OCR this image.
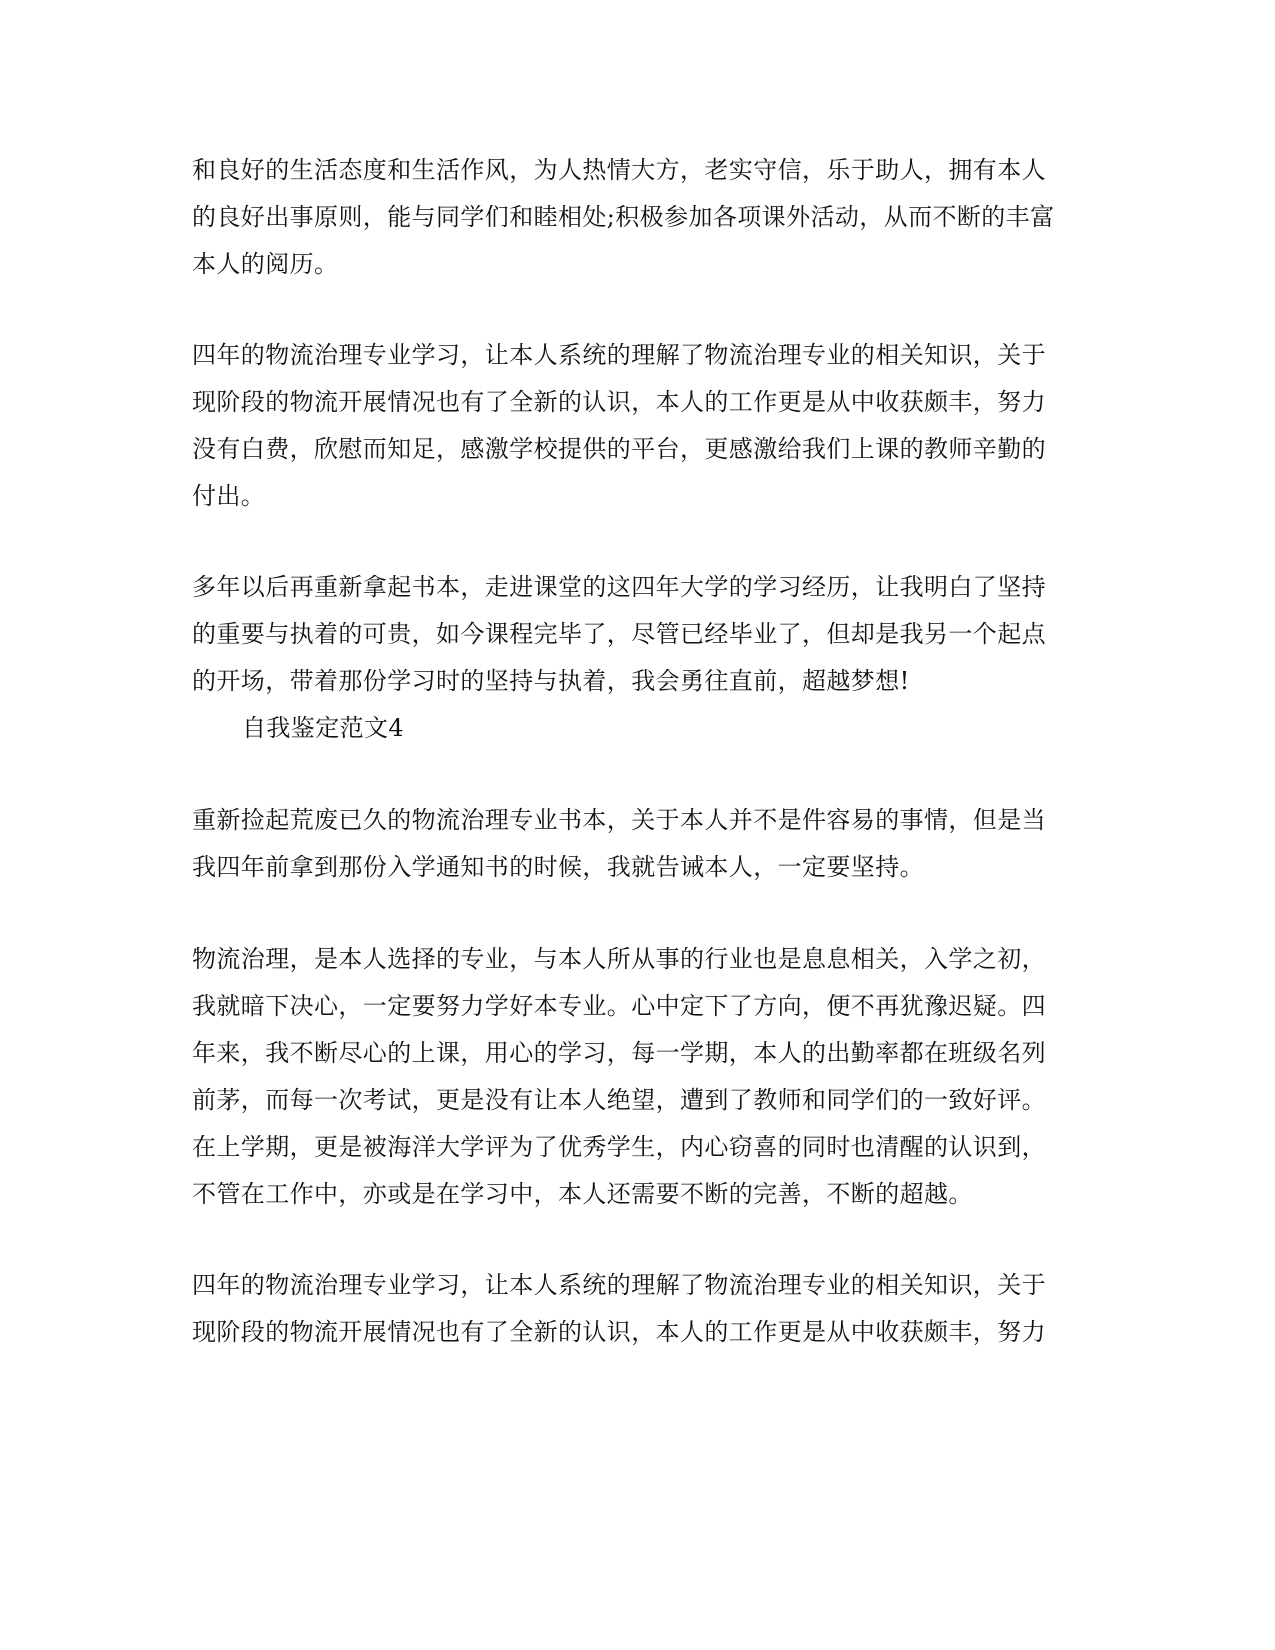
和良好的生活态度和生活作风，为人热情大方，老实守信，乐于助人，拥有本人
的良好出事原则，能与同学们和睦相处;积极参加各项课外活动，从而不断的丰富
本人的阅历。
四年的物流治理专业学习，让本人系统的理解了物流治理专业的相关知识，关于
现阶段的物流开展情况也有了全新的认识，本人的工作更是从中收获颇丰，努力
没有白费，欣慰而知足，感激学校提供的平台，更感激给我们上课的教师辛勤的
付出。
多年以后再重新拿起书本，走进课堂的这四年大学的学习经历，让我明白了坚持
的重要与执着的可贵，如今课程完毕了，尽管已经毕业了，但却是我另一个起点
的开场，带着那份学习时的坚持与执着，我会勇往直前，超越梦想!
自我鉴定范文4
重新捡起荒废已久的物流治理专业书本，关于本人并不是件容易的事情，但是当
我四年前拿到那份入学通知书的时候，我就告诫本人，一定要坚持。
物流治理，是本人选择的专业，与本人所从事的行业也是息息相关，入学之初，
我就暗下决心，一定要努力学好本专业。心中定下了方向，便不再犹豫迟疑。四
年来，我不断尽心的上课，用心的学习，每一学期，本人的出勤率都在班级名列
前茅，而每一次考试，更是没有让本人绝望，遭到了教师和同学们的一致好评。
在上学期，更是被海洋大学评为了优秀学生，内心窃喜的同时也清醒的认识到，
不管在工作中，亦或是在学习中，本人还需要不断的完善，不断的超越。
四年的物流治理专业学习，让本人系统的理解了物流治理专业的相关知识，关于
现阶段的物流开展情况也有了全新的认识，本人的工作更是从中收获颇丰，努力
